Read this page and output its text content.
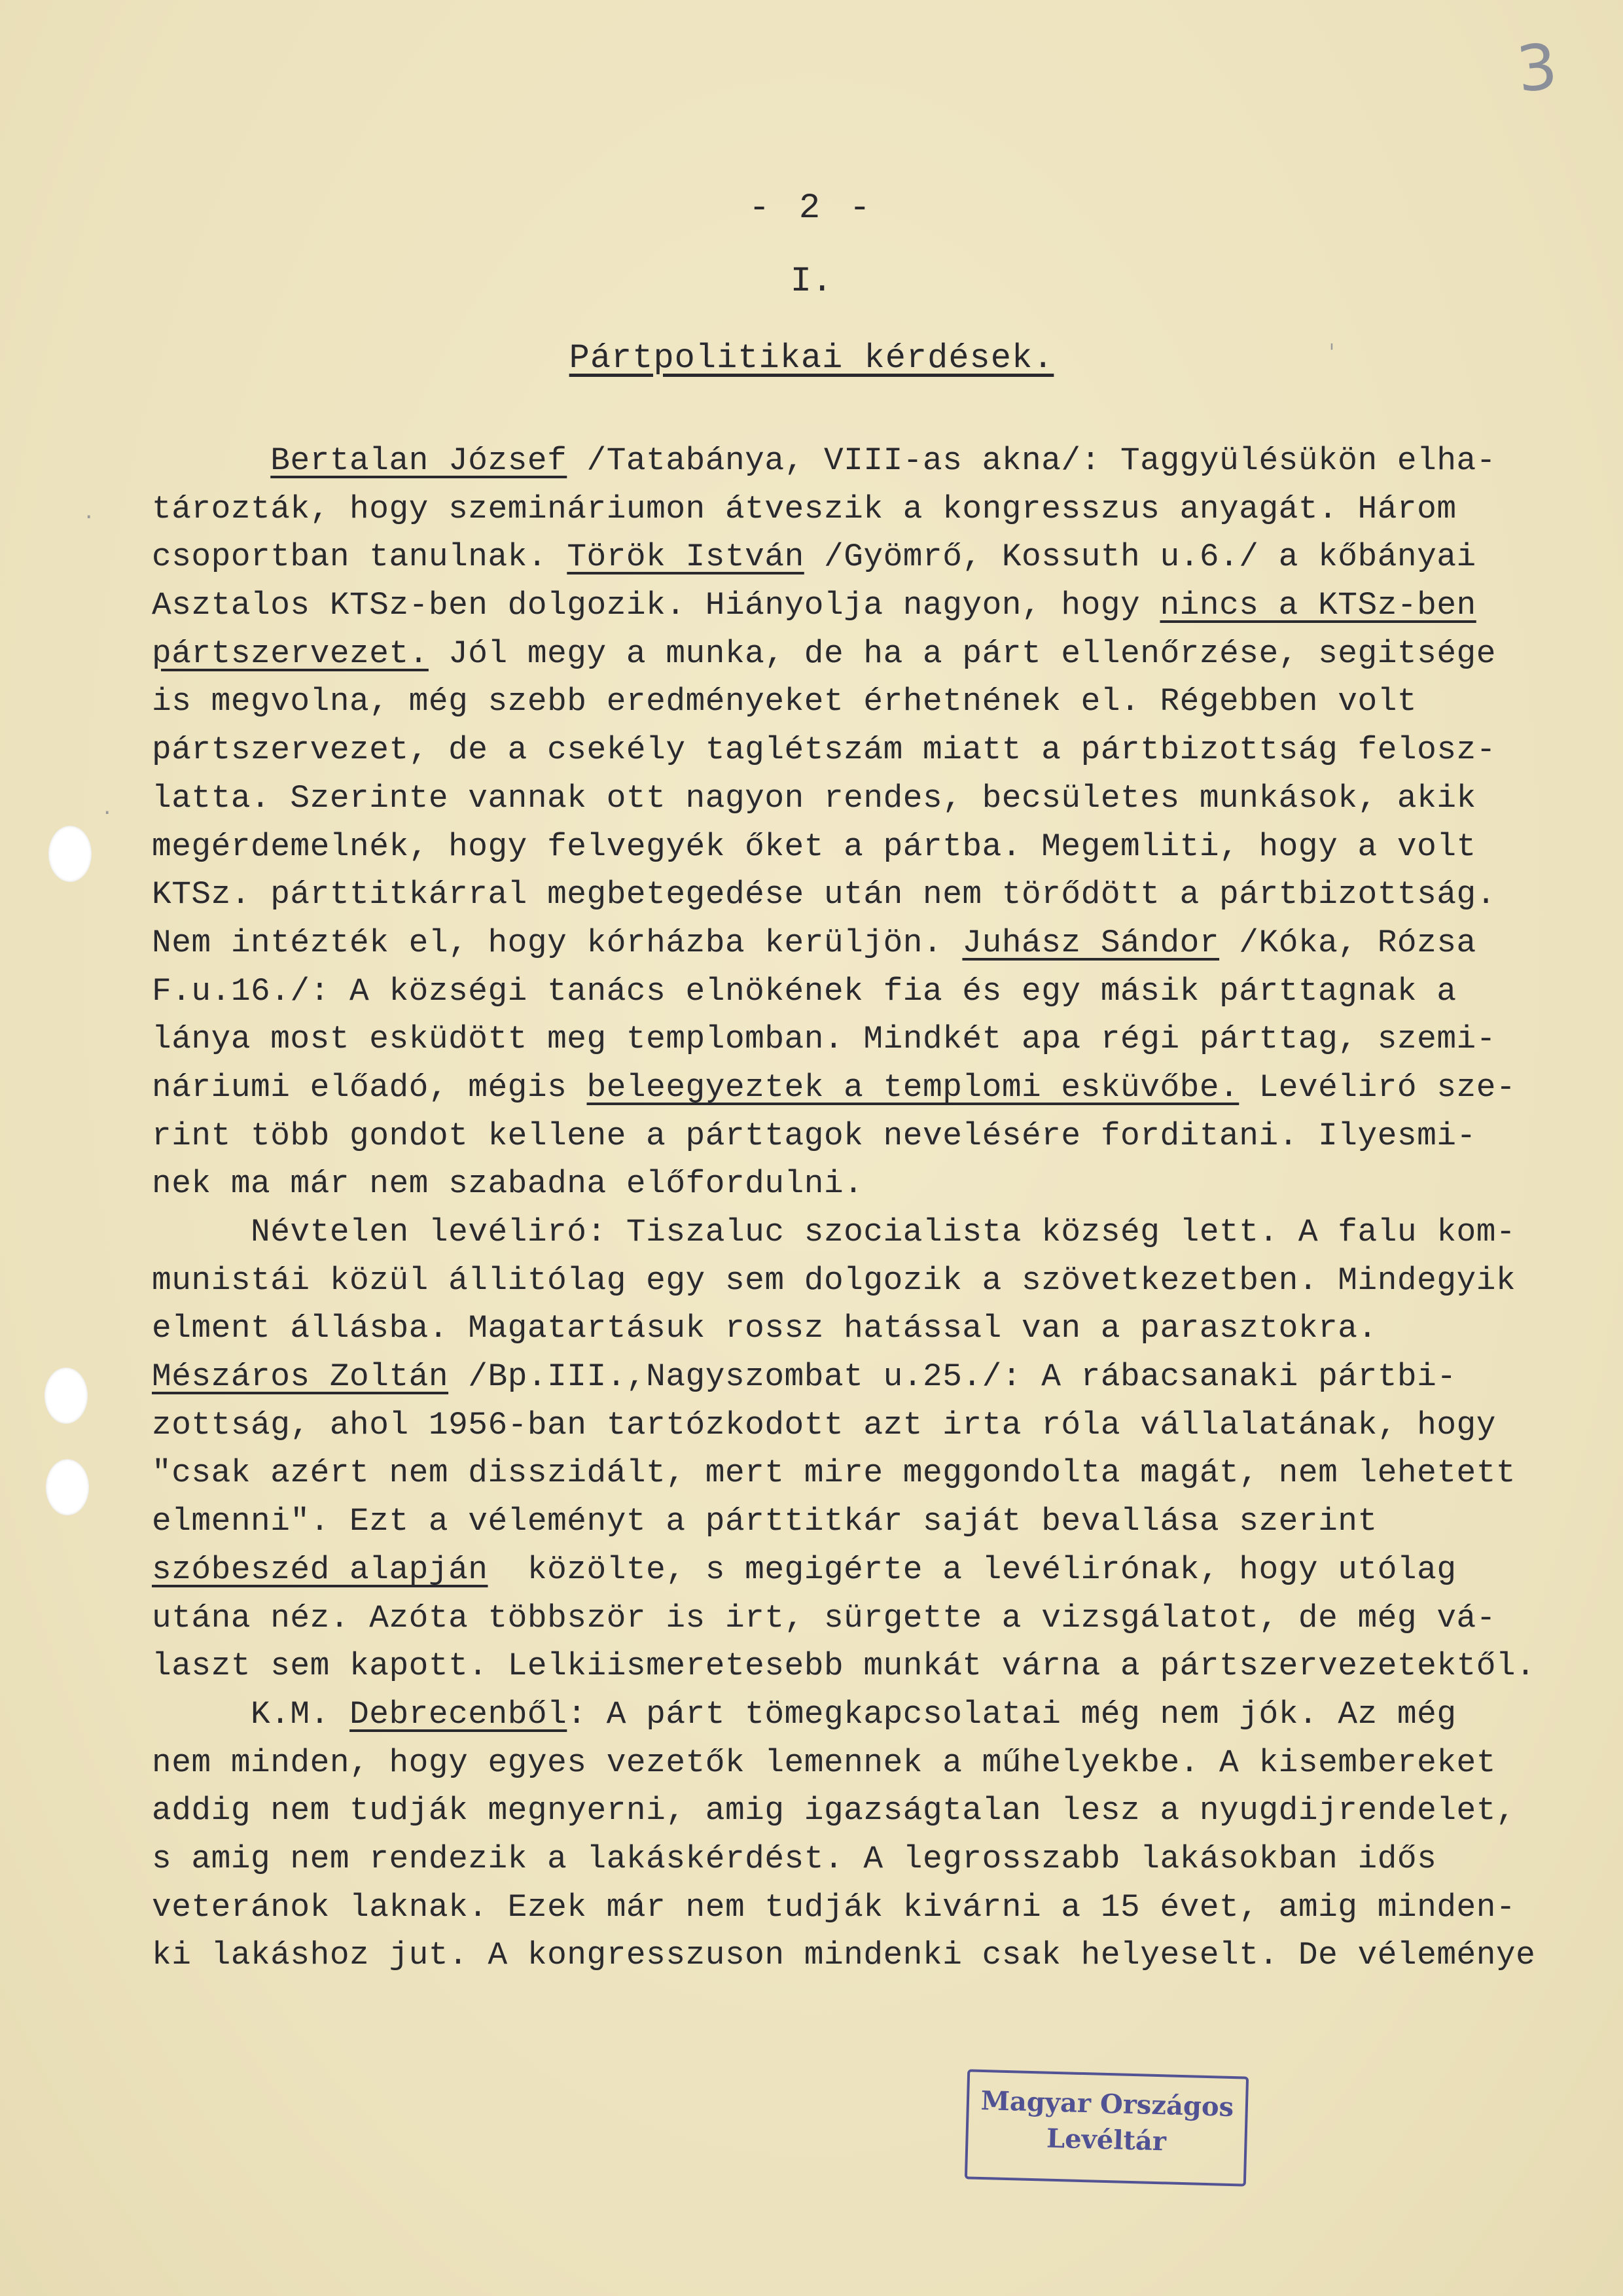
3
- 2 -
I.
Pártpolitikai kérdések.
Bertalan József /Tatabánya, VIII-as akna/: Taggyülésükön elha-
tározták, hogy szemináriumon átveszik a kongresszus anyagát. Három
csoportban tanulnak. Török István /Gyömrő, Kossuth u.6./ a kőbányai
Asztalos KTSz-ben dolgozik. Hiányolja nagyon, hogy nincs a KTSz-ben
pártszervezet. Jól megy a munka, de ha a párt ellenőrzése, segitsége
is megvolna, még szebb eredményeket érhetnének el. Régebben volt
pártszervezet, de a csekély taglétszám miatt a pártbizottság felosz-
latta. Szerinte vannak ott nagyon rendes, becsületes munkások, akik
megérdemelnék, hogy felvegyék őket a pártba. Megemliti, hogy a volt
KTSz. párttitkárral megbetegedése után nem törődött a pártbizottság.
Nem intézték el, hogy kórházba kerüljön. Juhász Sándor /Kóka, Rózsa
F.u.16./: A községi tanács elnökének fia és egy másik párttagnak a
lánya most esküdött meg templomban. Mindkét apa régi párttag, szemi-
náriumi előadó, mégis beleegyeztek a templomi esküvőbe. Levéliró sze-
rint több gondot kellene a párttagok nevelésére forditani. Ilyesmi-
nek ma már nem szabadna előfordulni.
Névtelen levéliró: Tiszaluc szocialista község lett. A falu kom-
munistái közül állitólag egy sem dolgozik a szövetkezetben. Mindegyik
elment állásba. Magatartásuk rossz hatással van a parasztokra.
Mészáros Zoltán /Bp.III.,Nagyszombat u.25./: A rábacsanaki pártbi-
zottság, ahol 1956-ban tartózkodott azt irta róla vállalatának, hogy
"csak azért nem disszidált, mert mire meggondolta magát, nem lehetett
elmenni". Ezt a véleményt a párttitkár saját bevallása szerint
szóbeszéd alapján  közölte, s megigérte a levélirónak, hogy utólag
utána néz. Azóta többször is irt, sürgette a vizsgálatot, de még vá-
laszt sem kapott. Lelkiismeretesebb munkát várna a pártszervezetektől.
K.M. Debrecenből: A párt tömegkapcsolatai még nem jók. Az még
nem minden, hogy egyes vezetők lemennek a műhelyekbe. A kisembereket
addig nem tudják megnyerni, amig igazságtalan lesz a nyugdijrendelet,
s amig nem rendezik a lakáskérdést. A legrosszabb lakásokban idős
veteránok laknak. Ezek már nem tudják kivárni a 15 évet, amig minden-
ki lakáshoz jut. A kongresszuson mindenki csak helyeselt. De véleménye
ˈ
·
·
Magyar Országos
Levéltár
